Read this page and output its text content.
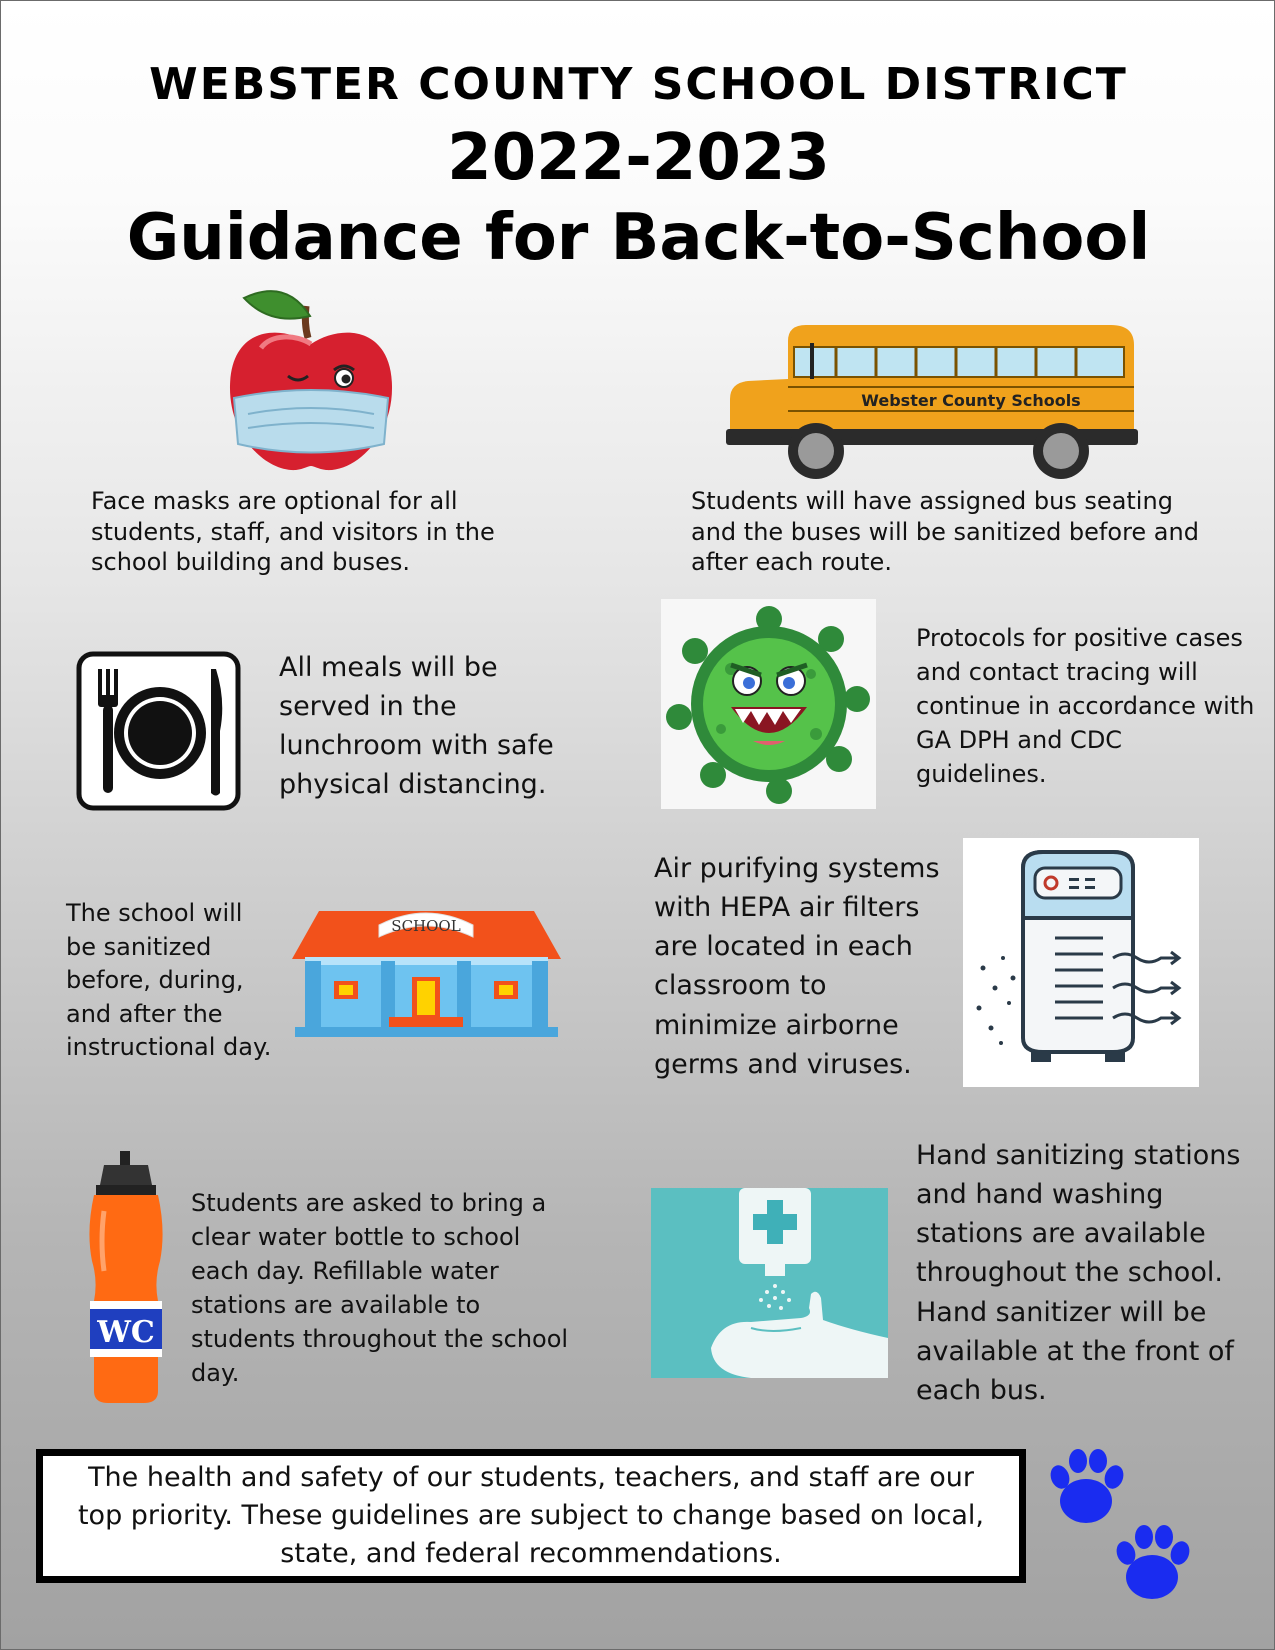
WEBSTER COUNTY SCHOOL DISTRICT
2022-2023
Guidance for Back-to-School
Webster County Schools
Face masks are optional for all students, staff, and visitors in the school building and buses.
Students will have assigned bus seating and the buses will be sanitized before and after each route.
All meals will be served in the lunchroom with safe physical distancing.
Protocols for positive cases and contact tracing will continue in accordance with GA DPH and CDC guidelines.
SCHOOL
The school will be sanitized before, during, and after the instructional day.
Air purifying systems with HEPA air filters are located in each classroom to minimize airborne germs and viruses.
WC
Students are asked to bring a clear water bottle to school each day. Refillable water stations are available to students throughout the school day.
Hand sanitizing stations and hand washing stations are available throughout the school. Hand sanitizer will be available at the front of each bus.
The health and safety of our students, teachers, and staff are our top priority. These guidelines are subject to change based on local, state, and federal recommendations.
